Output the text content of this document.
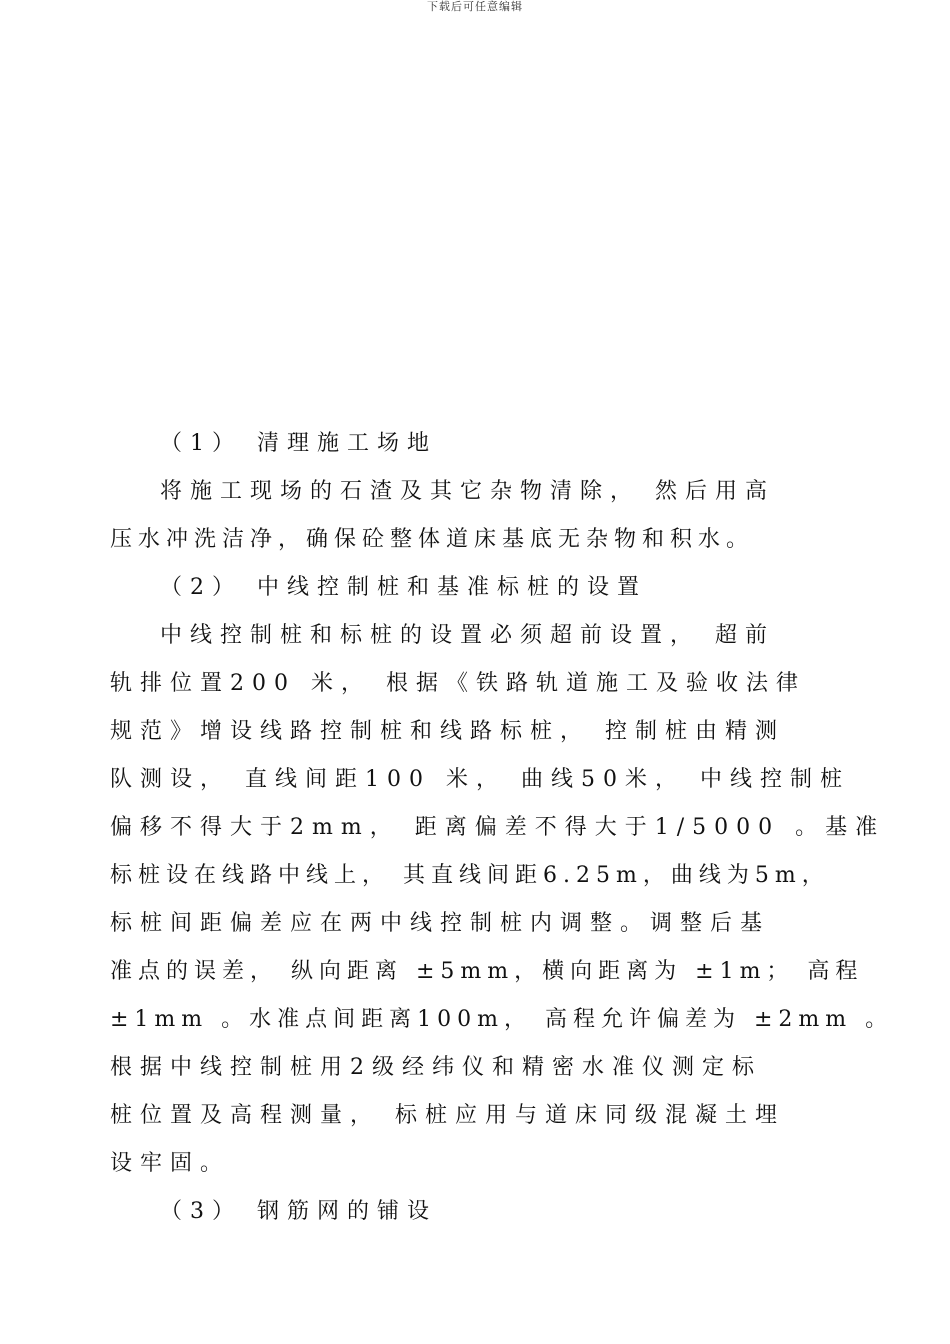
下载后可任意编辑
（1） 清理施工场地
将施工现场的石渣及其它杂物清除， 然后用高
压水冲洗洁净，确保砼整体道床基底无杂物和积水。
（2） 中线控制桩和基准标桩的设置
中线控制桩和标桩的设置必须超前设置， 超前
轨排位置200 米， 根据《铁路轨道施工及验收法律
规范》增设线路控制桩和线路标桩， 控制桩由精测
队测设， 直线间距100 米， 曲线50米， 中线控制桩
偏移不得大于2mm， 距离偏差不得大于1/5000 。基准
标桩设在线路中线上， 其直线间距6.25m，曲线为5m，
标桩间距偏差应在两中线控制桩内调整。调整后基
准点的误差， 纵向距离 ±5mm，横向距离为 ±1m； 高程
±1mm 。水准点间距离100m， 高程允许偏差为 ±2mm 。
根据中线控制桩用2级经纬仪和精密水准仪测定标
桩位置及高程测量， 标桩应用与道床同级混凝土埋
设牢固。
（3） 钢筋网的铺设
